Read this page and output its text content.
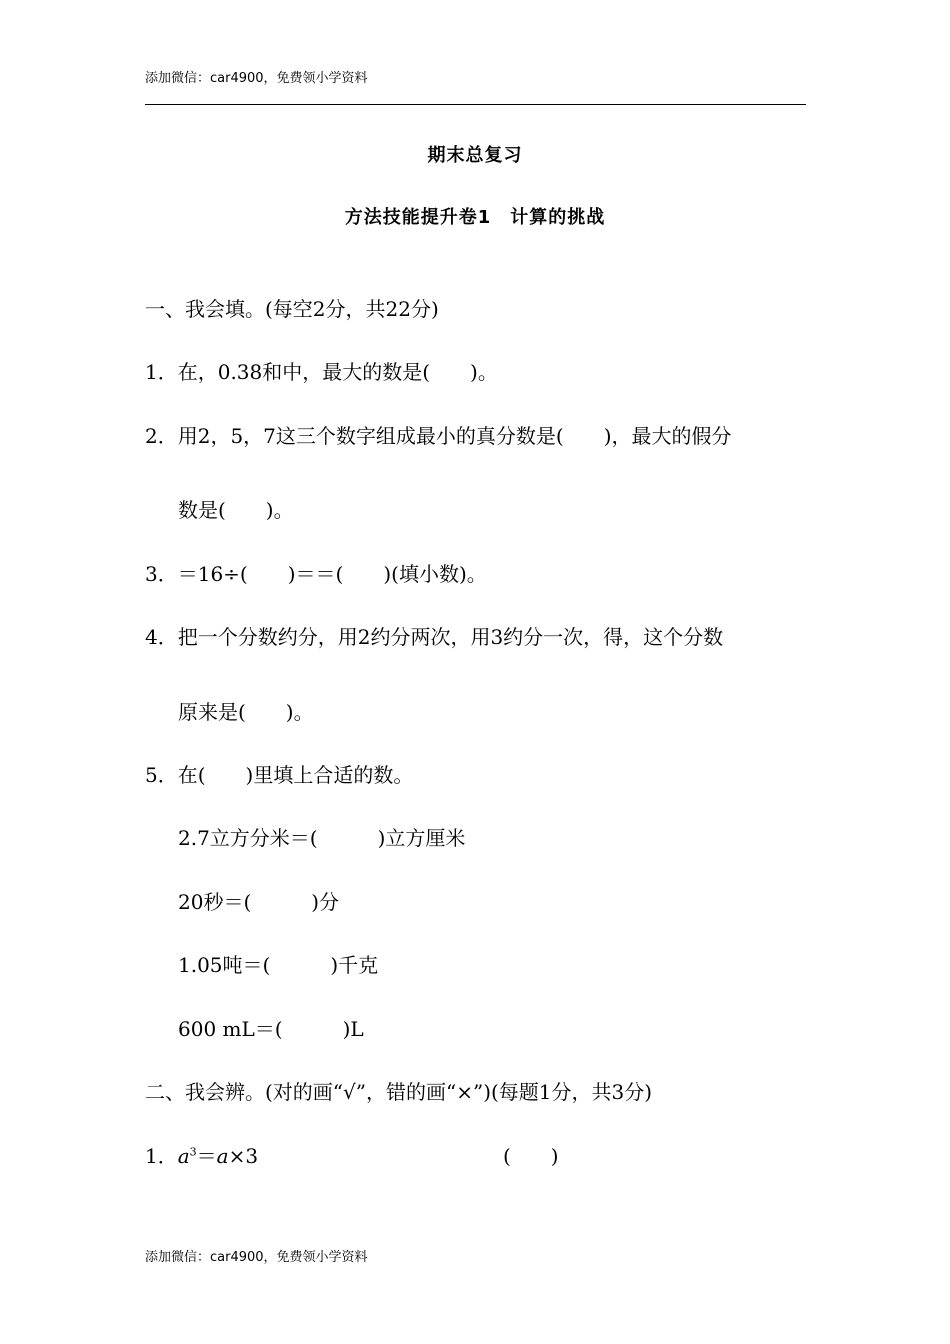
添加微信：car4900，免费领小学资料
期末总复习
方法技能提升卷1　计算的挑战
一、我会填。(每空2分，共22分)
1．在，0.38和中，最大的数是(　　)。
2．用2，5，7这三个数字组成最小的真分数是(　　)，最大的假分
数是(　　)。
3．＝16÷(　　)＝＝(　　)(填小数)。
4．把一个分数约分，用2约分两次，用3约分一次，得，这个分数
原来是(　　)。
5．在(　　)里填上合适的数。
2.7立方分米＝(　　　)立方厘米
20秒＝(　　　)分
1.05吨＝(　　　)千克
600 mL＝(　　　)L
二、我会辨。(对的画“√”，错的画“×”)(每题1分，共3分)
1．$a^3=a\times 3$	(　　)
添加微信：car4900，免费领小学资料
